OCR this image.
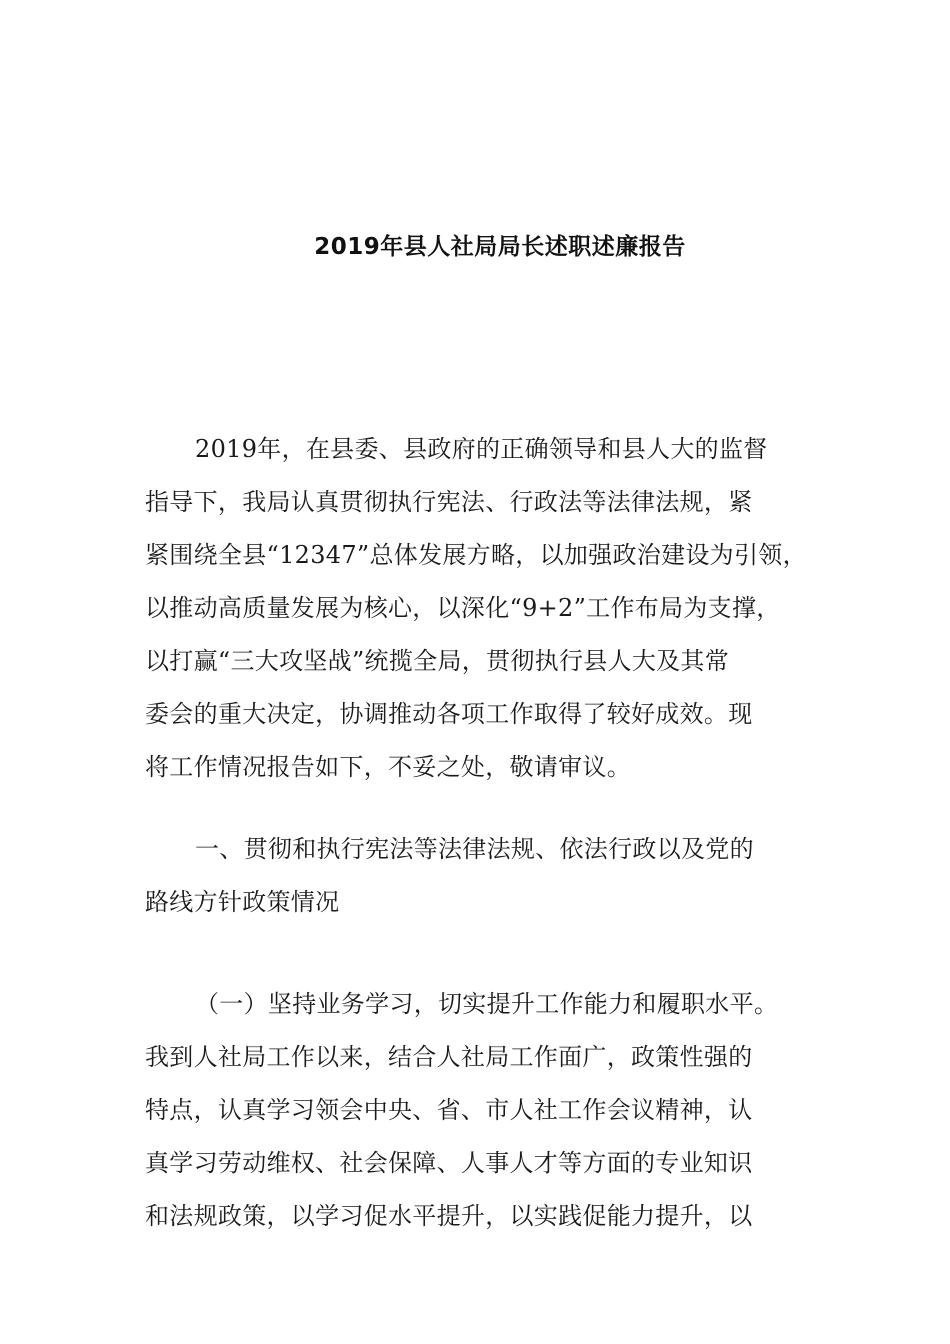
2019年县人社局局长述职述廉报告
2019年，在县委、县政府的正确领导和县人大的监督
指导下，我局认真贯彻执行宪法、行政法等法律法规，紧
紧围绕全县“12347”总体发展方略，以加强政治建设为引领，
以推动高质量发展为核心，以深化“9+2”工作布局为支撑，
以打赢“三大攻坚战”统揽全局，贯彻执行县人大及其常
委会的重大决定，协调推动各项工作取得了较好成效。现
将工作情况报告如下，不妥之处，敬请审议。
一、贯彻和执行宪法等法律法规、依法行政以及党的
路线方针政策情况
（一）坚持业务学习，切实提升工作能力和履职水平。
我到人社局工作以来，结合人社局工作面广，政策性强的
特点，认真学习领会中央、省、市人社工作会议精神，认
真学习劳动维权、社会保障、人事人才等方面的专业知识
和法规政策，以学习促水平提升，以实践促能力提升，以
